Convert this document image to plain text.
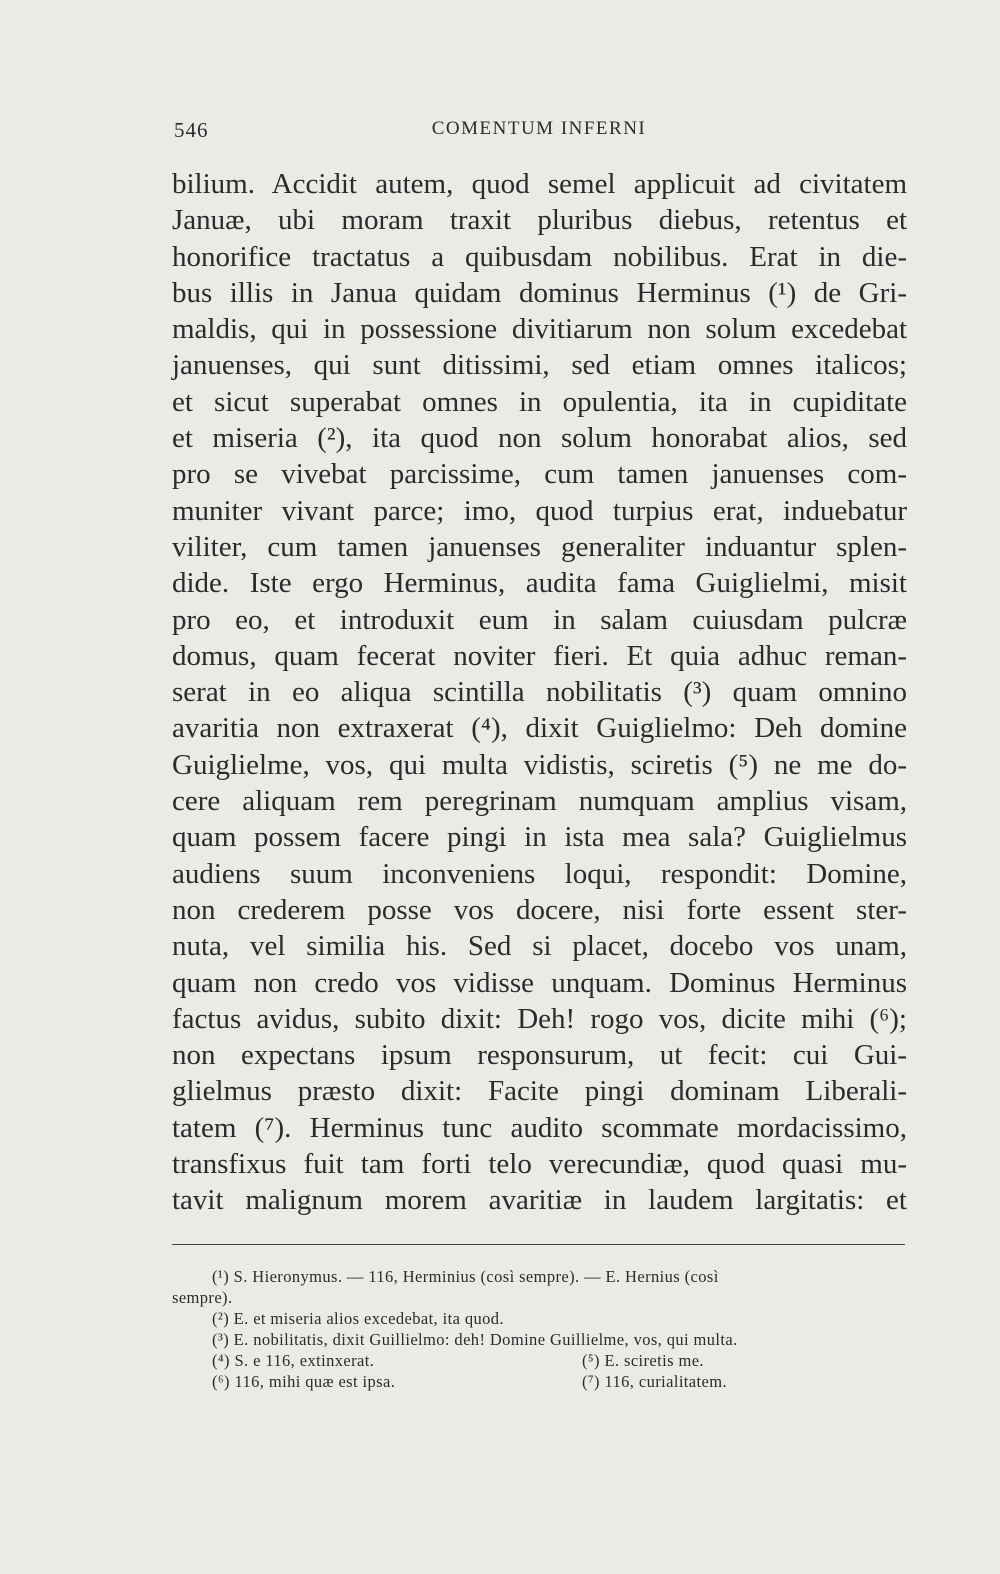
546	COMENTUM INFERNI
bilium. Accidit autem, quod semel applicuit ad civitatem
Januæ, ubi moram traxit pluribus diebus, retentus et
honorifice tractatus a quibusdam nobilibus. Erat in die-
bus illis in Janua quidam dominus Herminus (¹) de Gri-
maldis, qui in possessione divitiarum non solum excedebat
januenses, qui sunt ditissimi, sed etiam omnes italicos;
et sicut superabat omnes in opulentia, ita in cupiditate
et miseria (²), ita quod non solum honorabat alios, sed
pro se vivebat parcissime, cum tamen januenses com-
muniter vivant parce; imo, quod turpius erat, induebatur
viliter, cum tamen januenses generaliter induantur splen-
dide. Iste ergo Herminus, audita fama Guiglielmi, misit
pro eo, et introduxit eum in salam cuiusdam pulcræ
domus, quam fecerat noviter fieri. Et quia adhuc reman-
serat in eo aliqua scintilla nobilitatis (³) quam omnino
avaritia non extraxerat (⁴), dixit Guiglielmo: Deh domine
Guiglielme, vos, qui multa vidistis, sciretis (⁵) ne me do-
cere aliquam rem peregrinam numquam amplius visam,
quam possem facere pingi in ista mea sala? Guiglielmus
audiens suum inconveniens loqui, respondit: Domine,
non crederem posse vos docere, nisi forte essent ster-
nuta, vel similia his. Sed si placet, docebo vos unam,
quam non credo vos vidisse unquam. Dominus Herminus
factus avidus, subito dixit: Deh! rogo vos, dicite mihi (⁶);
non expectans ipsum responsurum, ut fecit: cui Gui-
glielmus præsto dixit: Facite pingi dominam Liberali-
tatem (⁷). Herminus tunc audito scommate mordacissimo,
transfixus fuit tam forti telo verecundiæ, quod quasi mu-
tavit malignum morem avaritiæ in laudem largitatis: et
(¹) S. Hieronymus. — 116, Herminius (così sempre). — E. Hernius (così
sempre).
(²) E. et miseria alios excedebat, ita quod.
(³) E. nobilitatis, dixit Guillielmo: deh! Domine Guillielme, vos, qui multa.
(⁴) S. e 116, extinxerat.	(⁵) E. sciretis me.
(⁶) 116, mihi quæ est ipsa.	(⁷) 116, curialitatem.
